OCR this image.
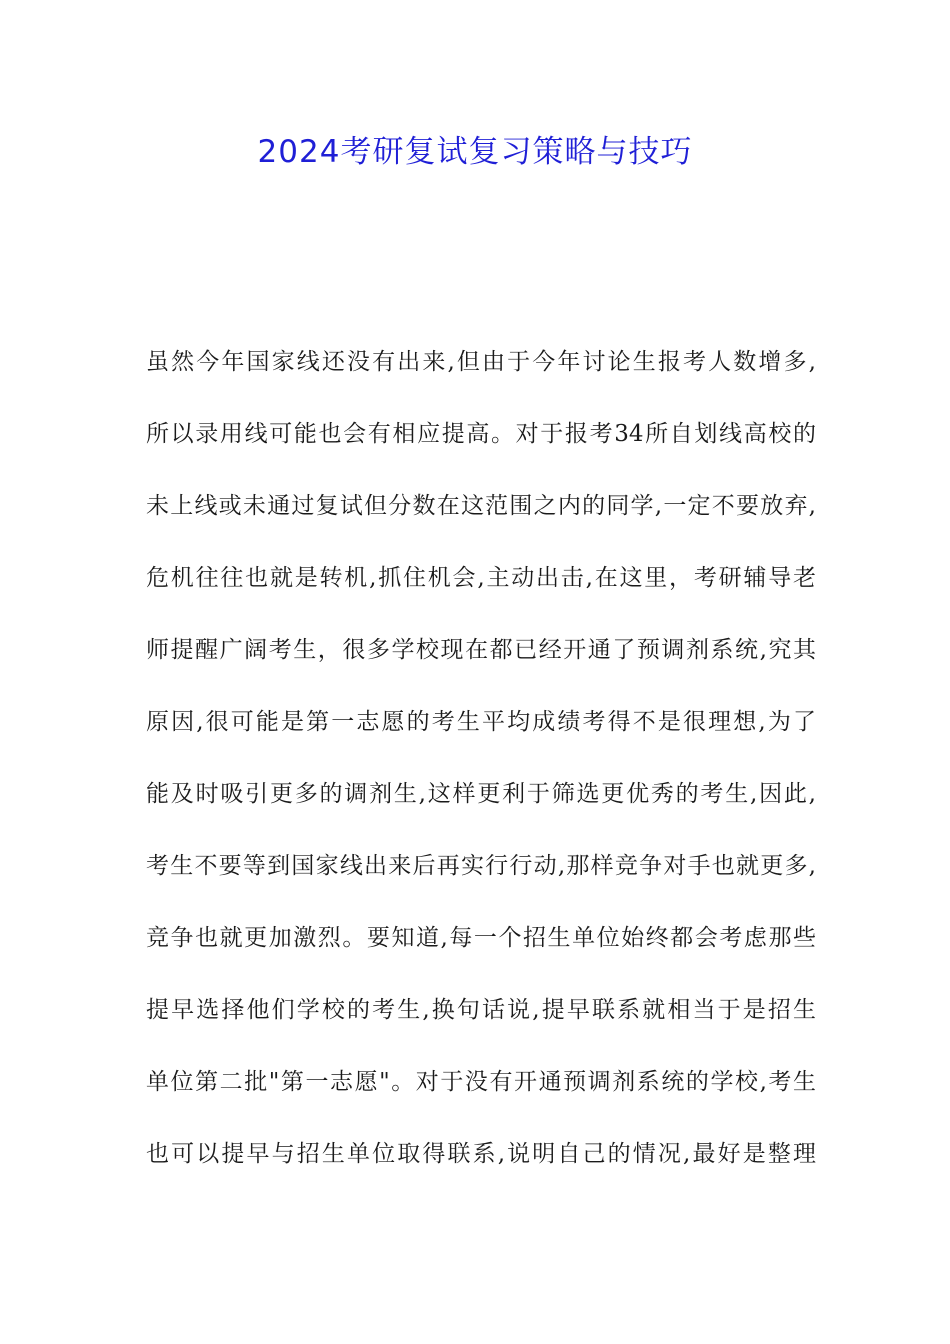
2024考研复试复习策略与技巧
虽然今年国家线还没有出来,但由于今年讨论生报考人数增多,
所以录用线可能也会有相应提高。对于报考34所自划线高校的
未上线或未通过复试但分数在这范围之内的同学,一定不要放弃,
危机往往也就是转机,抓住机会,主动出击,在这里，考研辅导老
师提醒广阔考生，很多学校现在都已经开通了预调剂系统,究其
原因,很可能是第一志愿的考生平均成绩考得不是很理想,为了
能及时吸引更多的调剂生,这样更利于筛选更优秀的考生,因此,
考生不要等到国家线出来后再实行行动,那样竞争对手也就更多,
竞争也就更加激烈。要知道,每一个招生单位始终都会考虑那些
提早选择他们学校的考生,换句话说,提早联系就相当于是招生
单位第二批"第一志愿"。对于没有开通预调剂系统的学校,考生
也可以提早与招生单位取得联系,说明自己的情况,最好是整理
